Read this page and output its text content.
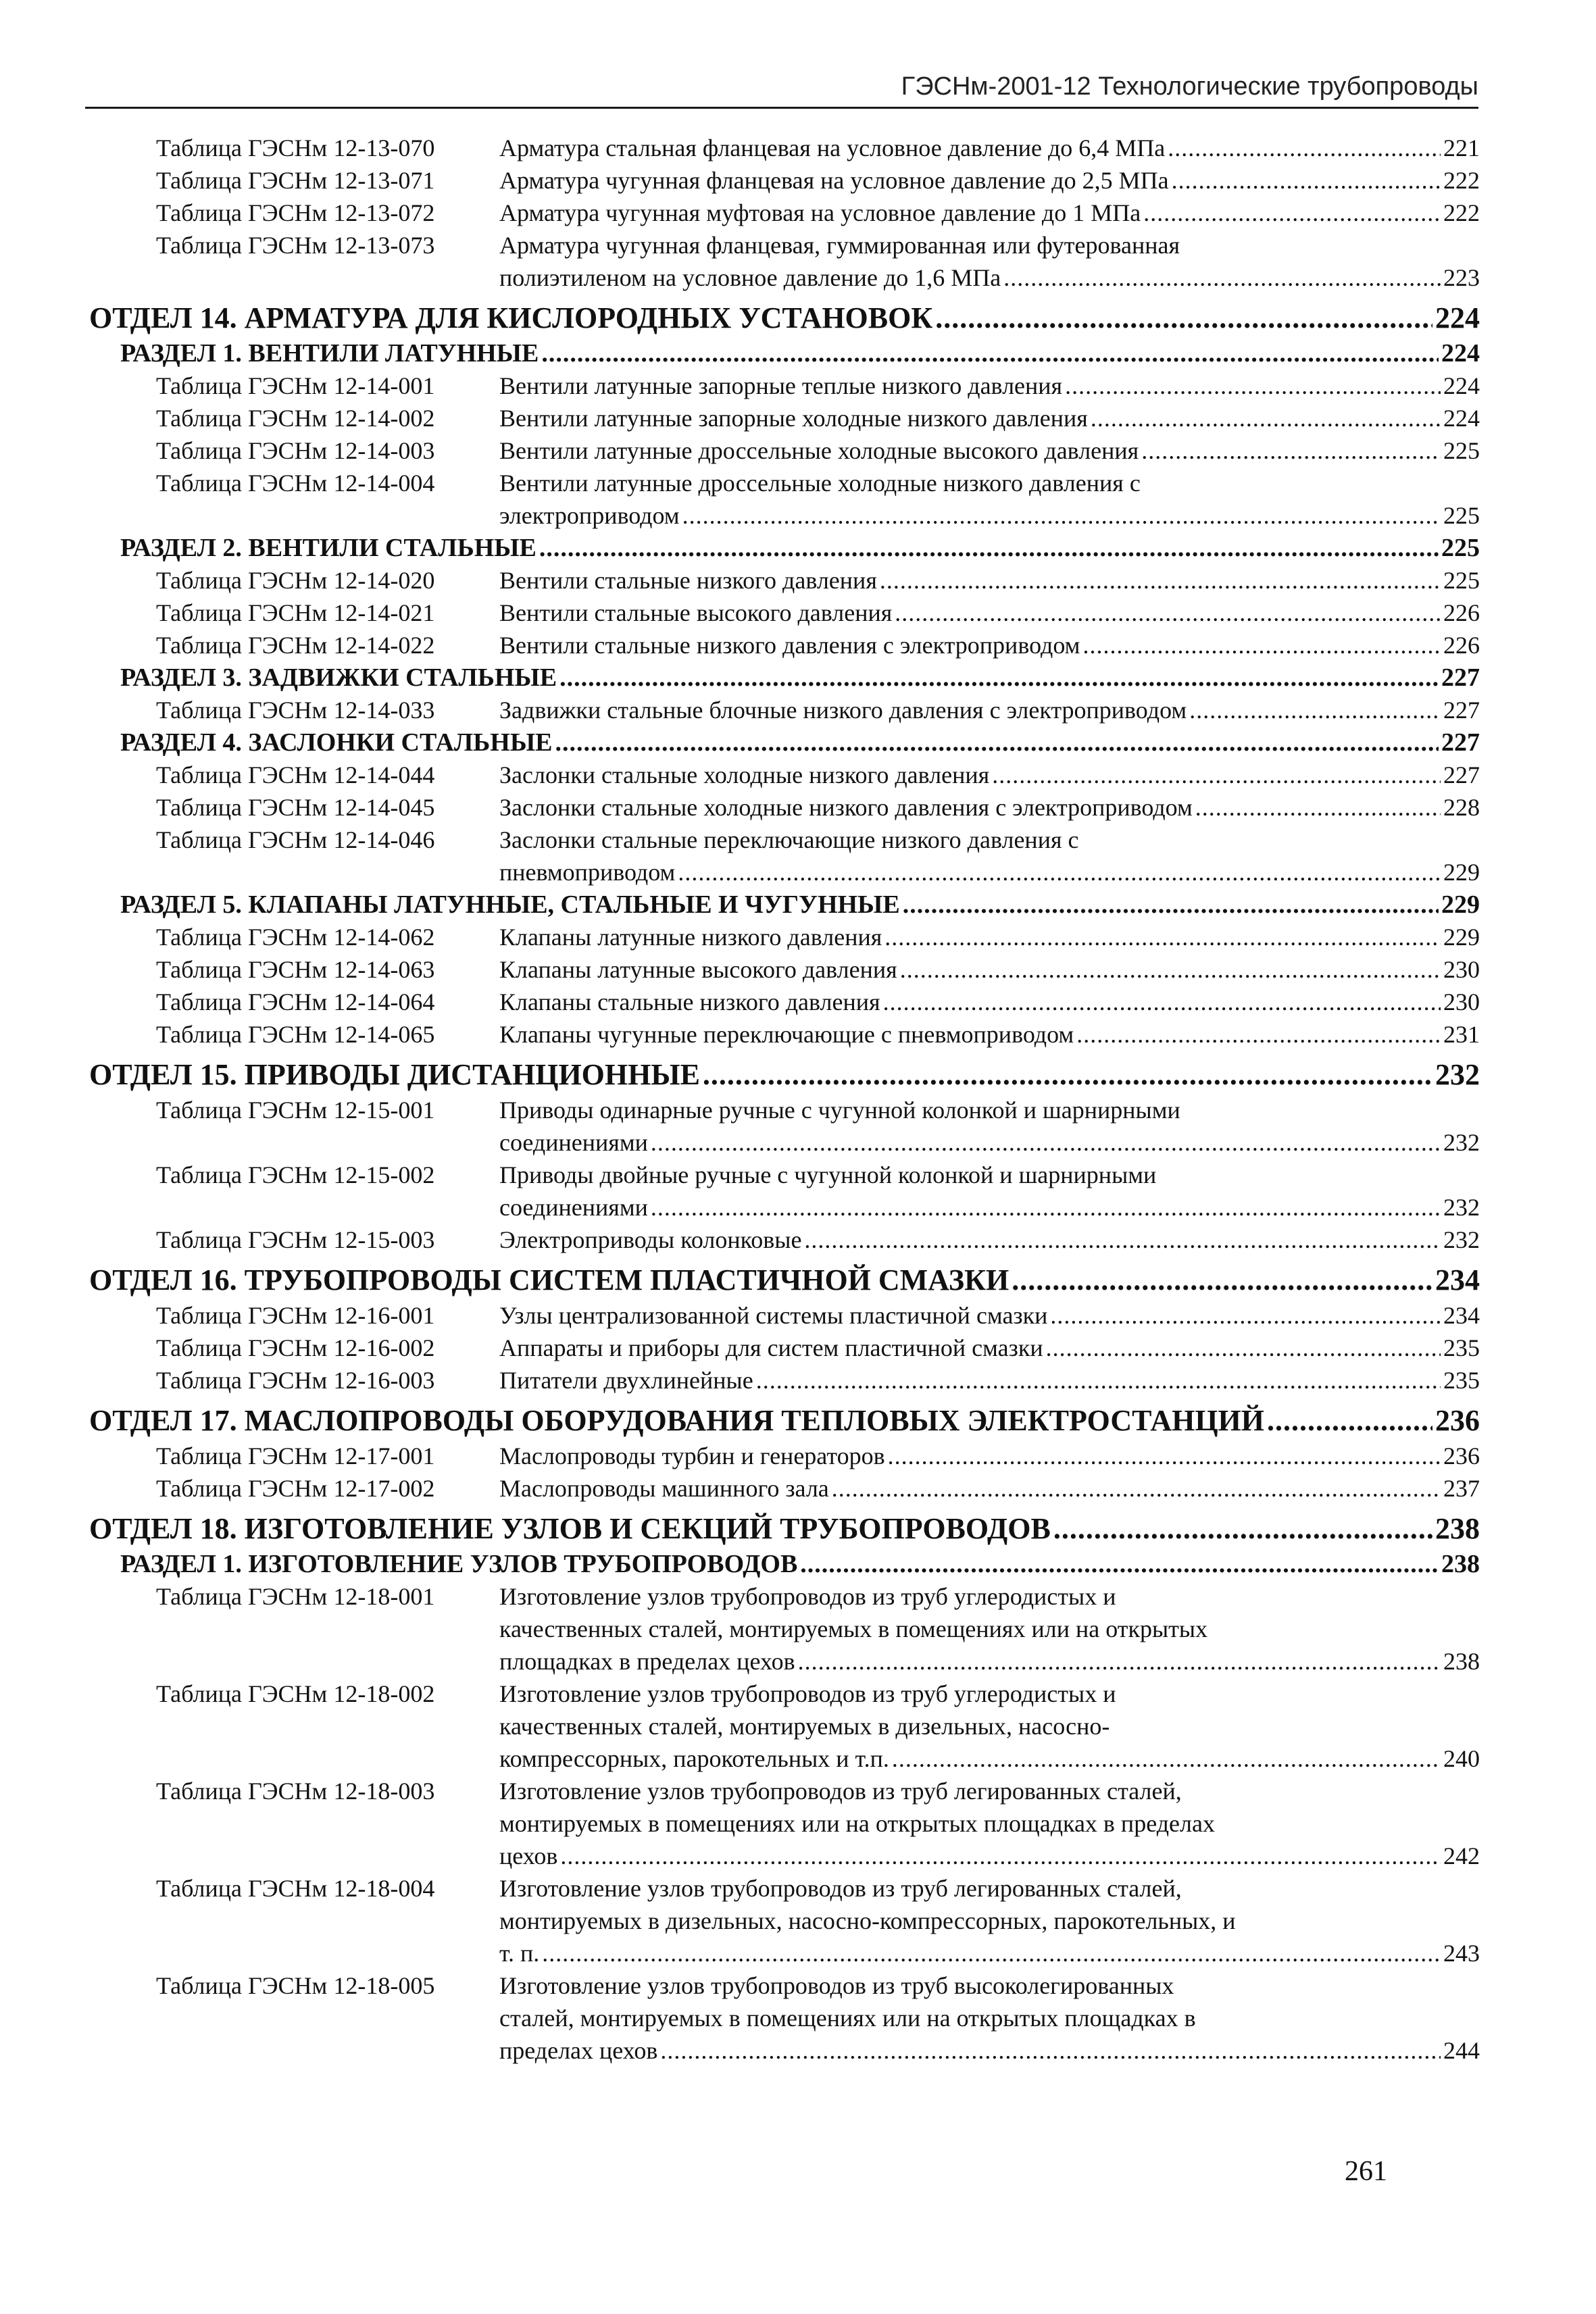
ГЭСНм-2001-12 Технологические трубопроводы
Таблица ГЭСНм 12-13-070	Арматура стальная фланцевая на условное давление до 6,4 МПа .....	221
Таблица ГЭСНм 12-13-071	Арматура чугунная фланцевая на условное давление до 2,5 МПа .....	222
Таблица ГЭСНм 12-13-072	Арматура чугунная муфтовая на условное давление до 1 МПа .....	222
Таблица ГЭСНм 12-13-073	Арматура чугунная фланцевая, гуммированная или футерованная
полиэтиленом на условное давление до 1,6 МПа .....	223
ОТДЕЛ 14. АРМАТУРА ДЛЯ КИСЛОРОДНЫХ УСТАНОВОК .....	224
РАЗДЕЛ 1. ВЕНТИЛИ ЛАТУННЫЕ .....	224
Таблица ГЭСНм 12-14-001	Вентили латунные запорные теплые низкого давления .....	224
Таблица ГЭСНм 12-14-002	Вентили латунные запорные холодные низкого давления .....	224
Таблица ГЭСНм 12-14-003	Вентили латунные дроссельные холодные высокого давления .....	225
Таблица ГЭСНм 12-14-004	Вентили латунные дроссельные холодные низкого давления с
электроприводом .....	225
РАЗДЕЛ 2. ВЕНТИЛИ СТАЛЬНЫЕ .....	225
Таблица ГЭСНм 12-14-020	Вентили стальные низкого давления .....	225
Таблица ГЭСНм 12-14-021	Вентили стальные высокого давления .....	226
Таблица ГЭСНм 12-14-022	Вентили стальные низкого давления с электроприводом .....	226
РАЗДЕЛ 3. ЗАДВИЖКИ СТАЛЬНЫЕ .....	227
Таблица ГЭСНм 12-14-033	Задвижки стальные блочные низкого давления с электроприводом .....	227
РАЗДЕЛ 4. ЗАСЛОНКИ СТАЛЬНЫЕ .....	227
Таблица ГЭСНм 12-14-044	Заслонки стальные холодные низкого давления .....	227
Таблица ГЭСНм 12-14-045	Заслонки стальные холодные низкого давления с электроприводом .....	228
Таблица ГЭСНм 12-14-046	Заслонки стальные переключающие низкого давления с
пневмоприводом .....	229
РАЗДЕЛ 5. КЛАПАНЫ ЛАТУННЫЕ, СТАЛЬНЫЕ И ЧУГУННЫЕ .....	229
Таблица ГЭСНм 12-14-062	Клапаны латунные низкого давления .....	229
Таблица ГЭСНм 12-14-063	Клапаны латунные высокого давления .....	230
Таблица ГЭСНм 12-14-064	Клапаны стальные низкого давления .....	230
Таблица ГЭСНм 12-14-065	Клапаны чугунные переключающие с пневмоприводом .....	231
ОТДЕЛ 15. ПРИВОДЫ ДИСТАНЦИОННЫЕ .....	232
Таблица ГЭСНм 12-15-001	Приводы одинарные ручные с чугунной колонкой и шарнирными
соединениями .....	232
Таблица ГЭСНм 12-15-002	Приводы двойные ручные с чугунной колонкой и шарнирными
соединениями .....	232
Таблица ГЭСНм 12-15-003	Электроприводы колонковые .....	232
ОТДЕЛ 16. ТРУБОПРОВОДЫ СИСТЕМ ПЛАСТИЧНОЙ СМАЗКИ .....	234
Таблица ГЭСНм 12-16-001	Узлы централизованной системы пластичной смазки .....	234
Таблица ГЭСНм 12-16-002	Аппараты и приборы для систем пластичной смазки .....	235
Таблица ГЭСНм 12-16-003	Питатели двухлинейные .....	235
ОТДЕЛ 17. МАСЛОПРОВОДЫ ОБОРУДОВАНИЯ ТЕПЛОВЫХ ЭЛЕКТРОСТАНЦИЙ .....	236
Таблица ГЭСНм 12-17-001	Маслопроводы турбин и генераторов .....	236
Таблица ГЭСНм 12-17-002	Маслопроводы машинного зала .....	237
ОТДЕЛ 18. ИЗГОТОВЛЕНИЕ УЗЛОВ И СЕКЦИЙ ТРУБОПРОВОДОВ .....	238
РАЗДЕЛ 1. ИЗГОТОВЛЕНИЕ УЗЛОВ ТРУБОПРОВОДОВ .....	238
Таблица ГЭСНм 12-18-001	Изготовление узлов трубопроводов из труб углеродистых и
качественных сталей, монтируемых в помещениях или на открытых
площадках в пределах цехов .....	238
Таблица ГЭСНм 12-18-002	Изготовление узлов трубопроводов из труб углеродистых и
качественных сталей, монтируемых в дизельных, насосно-
компрессорных, парокотельных и т.п. .....	240
Таблица ГЭСНм 12-18-003	Изготовление узлов трубопроводов из труб легированных сталей,
монтируемых в помещениях или на открытых площадках в пределах
цехов .....	242
Таблица ГЭСНм 12-18-004	Изготовление узлов трубопроводов из труб легированных сталей,
монтируемых в дизельных, насосно-компрессорных, парокотельных, и
т. п. .....	243
Таблица ГЭСНм 12-18-005	Изготовление узлов трубопроводов из труб высоколегированных
сталей, монтируемых в помещениях или на открытых площадках в
пределах цехов .....	244
261
